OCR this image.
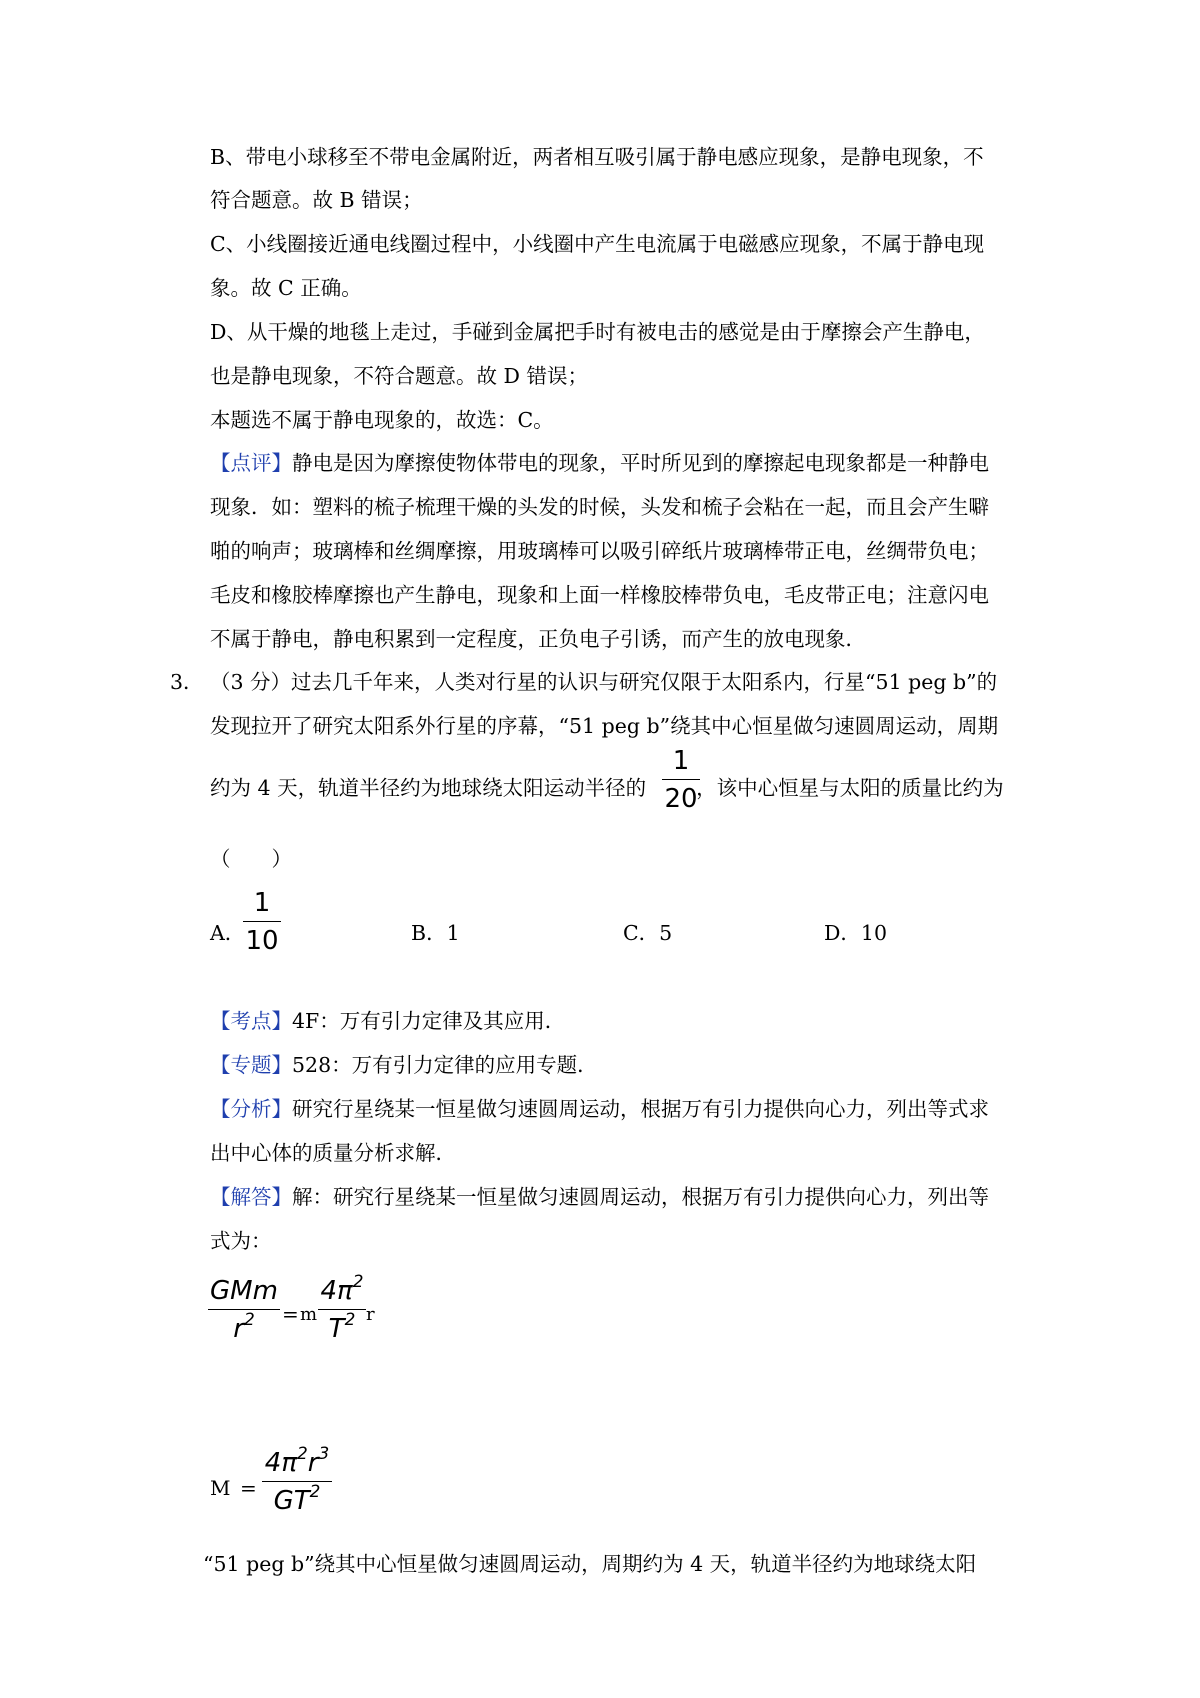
B、带电小球移至不带电金属附近，两者相互吸引属于静电感应现象，是静电现象，不
符合题意。故 B 错误；
C、小线圈接近通电线圈过程中，小线圈中产生电流属于电磁感应现象，不属于静电现
象。故 C 正确。
D、从干燥的地毯上走过，手碰到金属把手时有被电击的感觉是由于摩擦会产生静电，
也是静电现象，不符合题意。故 D 错误；
本题选不属于静电现象的，故选：C。
【点评】静电是因为摩擦使物体带电的现象，平时所见到的摩擦起电现象都是一种静电
现象．如：塑料的梳子梳理干燥的头发的时候，头发和梳子会粘在一起，而且会产生噼
啪的响声；玻璃棒和丝绸摩擦，用玻璃棒可以吸引碎纸片玻璃棒带正电，丝绸带负电；
毛皮和橡胶棒摩擦也产生静电，现象和上面一样橡胶棒带负电，毛皮带正电；注意闪电
不属于静电，静电积累到一定程度，正负电子引诱，而产生的放电现象．
3． （3 分）过去几千年来，人类对行星的认识与研究仅限于太阳系内，行星“51 peg b”的
发现拉开了研究太阳系外行星的序幕，“51 peg b”绕其中心恒星做匀速圆周运动，周期
约为 4 天，轨道半径约为地球绕太阳运动半径的 ，该中心恒星与太阳的质量比约为
1
20
（　　）
A．
1
10	B．1	C．5	D．10
【考点】4F：万有引力定律及其应用．
【专题】528：万有引力定律的应用专题．
【分析】研究行星绕某一恒星做匀速圆周运动，根据万有引力提供向心力，列出等式求
出中心体的质量分析求解．
【解答】解：研究行星绕某一恒星做匀速圆周运动，根据万有引力提供向心力，列出等
式为：
GMm
$r^2$	= m
$4\pi^2$
$T^2$ r
M =
$4\pi^2r^3$
$GT^2$
“51 peg b”绕其中心恒星做匀速圆周运动，周期约为 4 天，轨道半径约为地球绕太阳
